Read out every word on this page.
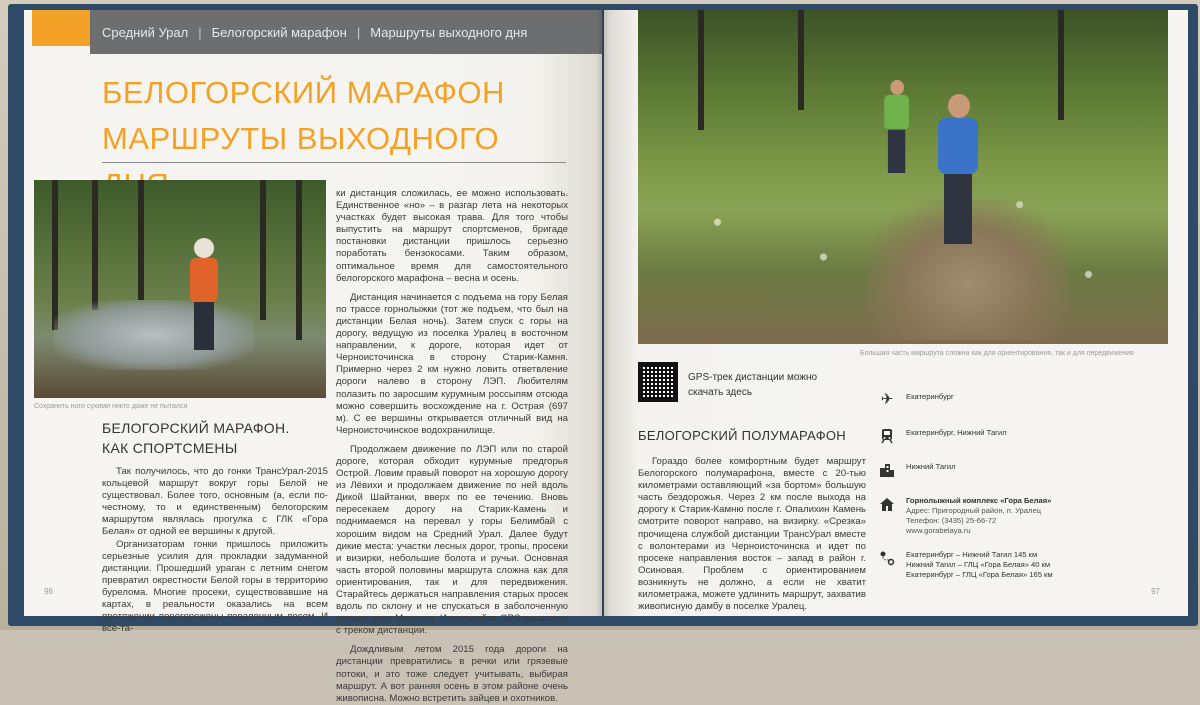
Средний Урал | Белогорский марафон | Маршруты выходного дня
БЕЛОГОРСКИЙ МАРАФОН
МАРШРУТЫ ВЫХОДНОГО
Сохранить ноги сухими никто даже не пытался
БЕЛОГОРСКИЙ МАРАФОН.
КАК СПОРТСМЕНЫ

Так получилось, что до гонки ТрансУрал-2015 кольцевой маршрут вокруг горы Белой не существовал. Более того, основным (а, если по-честному, то и единственным) белогорским маршрутом являлась прогулка с ГЛК «Гора Белая» от одной ее вершины к другой.

Организаторам гонки пришлось приложить серьезные усилия для прокладки задуманной дистанции. Прошедший ураган с летним снегом превратил окрестности Белой горы в территорию бурелома. Многие просеки, существовавшие на картах, в реальности оказались на всем протяжении перегорожены поваленным лесом. И все-та-

ки дистанция сложилась, ее можно использовать. Единственное «но» – в разгар лета на некоторых участках будет высокая трава. Для того чтобы выпустить на маршрут спортсменов, бригаде постановки дистанции пришлось серьезно поработать бензокосами. Таким образом, оптимальное время для самостоятельного белогорского марафона – весна и осень.

Дистанция начинается с подъема на гору Белая по трассе горнолыжки (тот же подъем, что был на дистанции Белая ночь). Затем спуск с горы на дорогу, ведущую из поселка Уралец в восточном направлении, к дороге, которая идет от Черноисточинска в сторону Старик-Камня. Примерно через 2 км нужно ловить ответвление дороги налево в сторону ЛЭП. Любителям полазить по заросшим курумным россыпям отсюда можно совершить восхождение на г. Острая (697 м). С ее вершины открывается отличный вид на Черноисточинское водохранилище.

Продолжаем движение по ЛЭП или по старой дороге, которая обходит курумные предгорья Острой. Ловим правый поворот на хорошую дорогу из Лёвихи и продолжаем движение по ней вдоль Дикой Шайтанки, вверх по ее течению. Вновь пересекаем дорогу на Старик-Камень и поднимаемся на перевал у горы Белимбай с хорошим видом на Средний Урал. Далее будут дикие места: участки лесных дорог, тропы, просеки и визирки, небольшие болота и ручьи. Основная часть второй половины маршрута сложна как для ориентирования, так и для передвижения. Старайтесь держаться направления старых просек вдоль по склону и не спускаться в заболоченную долину реки Мартьян. Используйте GPS-навигатор с треком дистанции.

Дождливым летом 2015 года дороги на дистанции превратились в речки или грязевые потоки, и это тоже следует учитывать, выбирая маршрут. А вот ранняя осень в этом районе очень живописна. Можно встретить зайцев и охотников.

96
Большая часть маршрута сложна как для ориентирования, так и для передвижения
GPS-трек дистанции можно скачать здесь
БЕЛОГОРСКИЙ ПОЛУМАРАФОН

Гораздо более комфортным будет маршрут Белогорского полумарафона, вместе с 20-тью километрами оставляющий «за бортом» большую часть бездорожья. Через 2 км после выхода на дорогу к Старик-Камню после г. Опалихин Камень смотрите поворот направо, на визирку. «Срезка» прочищена службой дистанции ТрансУрал вместе с волонтерами из Черноисточинска и идет по просеке направления восток – запад в район г. Осиновая. Проблем с ориентированием возникнуть не должно, а если не хватит километража, можете удлинить маршрут, захватив живописную дамбу в поселке Уралец.

✈	Екатеринбург
Екатеринбург, Нижний Тагил
Нижний Тагил
Горнолыжный комплекс «Гора Белая»
Адрес: Пригородный район, п. Уралец
Телефон: (3435) 25-66-72
www.gorabelaya.ru
Екатеринбург – Нижний Тагил 145 км
Нижний Тагил – ГЛЦ «Гора Белая» 40 км
Екатеринбург – ГЛЦ «Гора Белая» 165 км
97
